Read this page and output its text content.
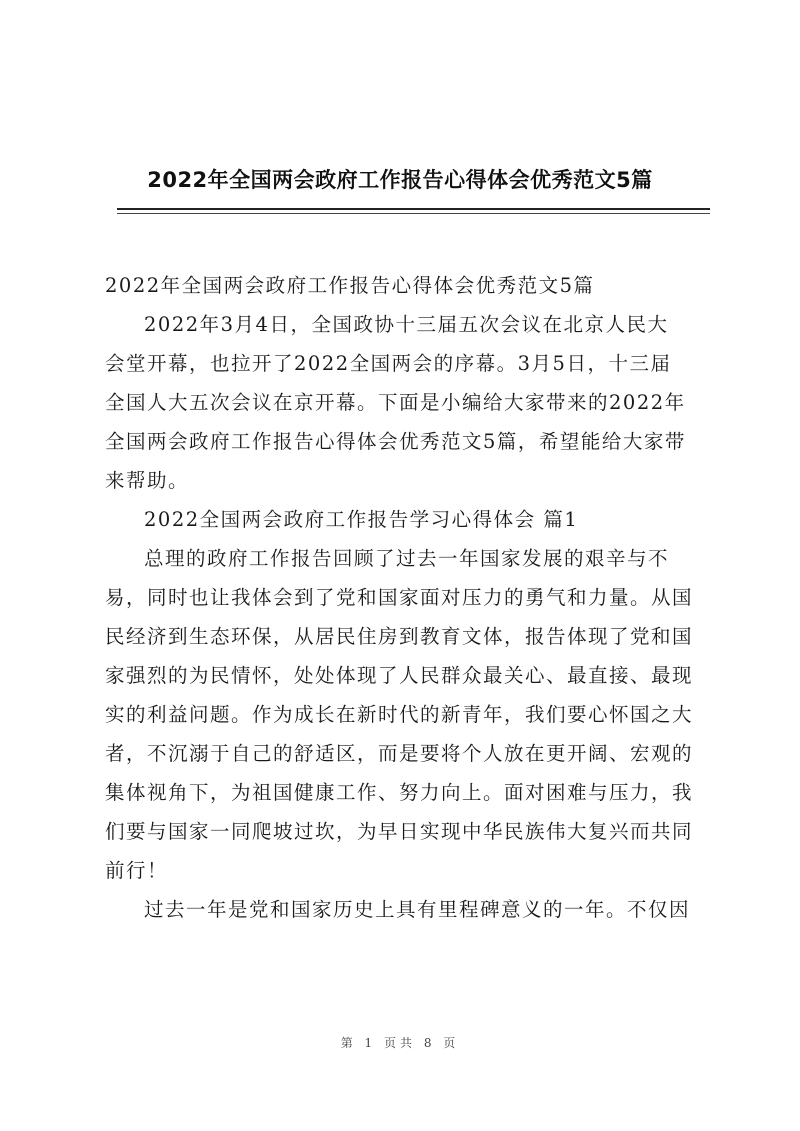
2022年全国两会政府工作报告心得体会优秀范文5篇

2022年全国两会政府工作报告心得体会优秀范文5篇

2022年3月4日，全国政协十三届五次会议在北京人民大
会堂开幕，也拉开了2022全国两会的序幕。3月5日，十三届
全国人大五次会议在京开幕。下面是小编给大家带来的2022年
全国两会政府工作报告心得体会优秀范文5篇，希望能给大家带
来帮助。

2022全国两会政府工作报告学习心得体会 篇1

总理的政府工作报告回顾了过去一年国家发展的艰辛与不
易，同时也让我体会到了党和国家面对压力的勇气和力量。从国
民经济到生态环保，从居民住房到教育文体，报告体现了党和国
家强烈的为民情怀，处处体现了人民群众最关心、最直接、最现
实的利益问题。作为成长在新时代的新青年，我们要心怀国之大
者，不沉溺于自己的舒适区，而是要将个人放在更开阔、宏观的
集体视角下，为祖国健康工作、努力向上。面对困难与压力，我
们要与国家一同爬坡过坎，为早日实现中华民族伟大复兴而共同
前行！

过去一年是党和国家历史上具有里程碑意义的一年。不仅因

第 1 页共 8 页
